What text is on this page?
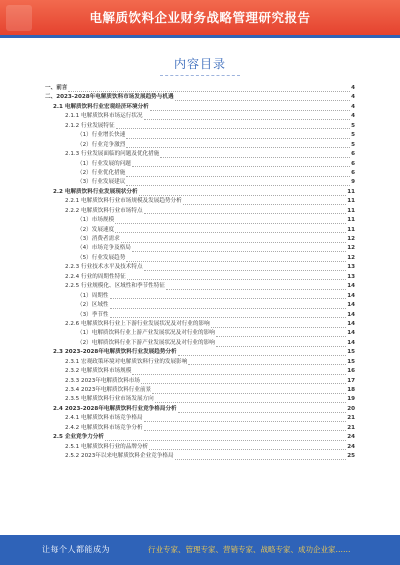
电解质饮料企业财务战略管理研究报告
内容目录
一、前言	4
二、2023-2028年电解质饮料市场发展趋势与机遇	4
2.1 电解质饮料行业宏观经济环境分析	4
2.1.1 电解质饮料市场运行状况	4
2.1.2 行业发展特征	5
（1）行业增长快速	5
（2）行业竞争激烈	5
2.1.3 行业发展面临的问题及优化措施	6
（1）行业发展的问题	6
（2）行业优化措施	6
（3）行业发展建议	9
2.2 电解质饮料行业发展现状分析	11
2.2.1 电解质饮料行业市场规模及发展趋势分析	11
2.2.2 电解质饮料行业市场特点	11
（1）市场规模	11
（2）发展速度	11
（3）消费者需求	12
（4）市场竞争及格局	12
（5）行业发展趋势	12
2.2.3 行业技术水平及技术特点	13
2.2.4 行业的周期性特征	13
2.2.5 行业规模化、区域性和季节性特征	14
（1）周期性	14
（2）区域性	14
（3）季节性	14
2.2.6 电解质饮料行业上下游行业发展状况及对行业的影响	14
（1）电解质饮料行业上游产业发展状况及对行业的影响	14
（2）电解质饮料行业下游产业发展状况及对行业的影响	14
2.3 2023-2028年电解质饮料行业发展趋势分析	15
2.3.1 宏观政策环境对电解质饮料行业的发展影响	15
2.3.2 电解质饮料市场规模	16
2.3.3 2023年电解质饮料市场	17
2.3.4 2023年电解质饮料行业前景	18
2.3.5 电解质饮料行业市场发展方向	19
2.4 2023-2028年电解质饮料行业竞争格局分析	20
2.4.1 电解质饮料市场竞争格局	21
2.4.2 电解质饮料市场竞争分析	21
2.5 企业竞争力分析	24
2.5.1 电解质饮料行业的品牌分析	24
2.5.2 2023年以来电解质饮料企业竞争格局	25
让每个人都能成为	行业专家、管理专家、营销专家、战略专家、成功企业家……
